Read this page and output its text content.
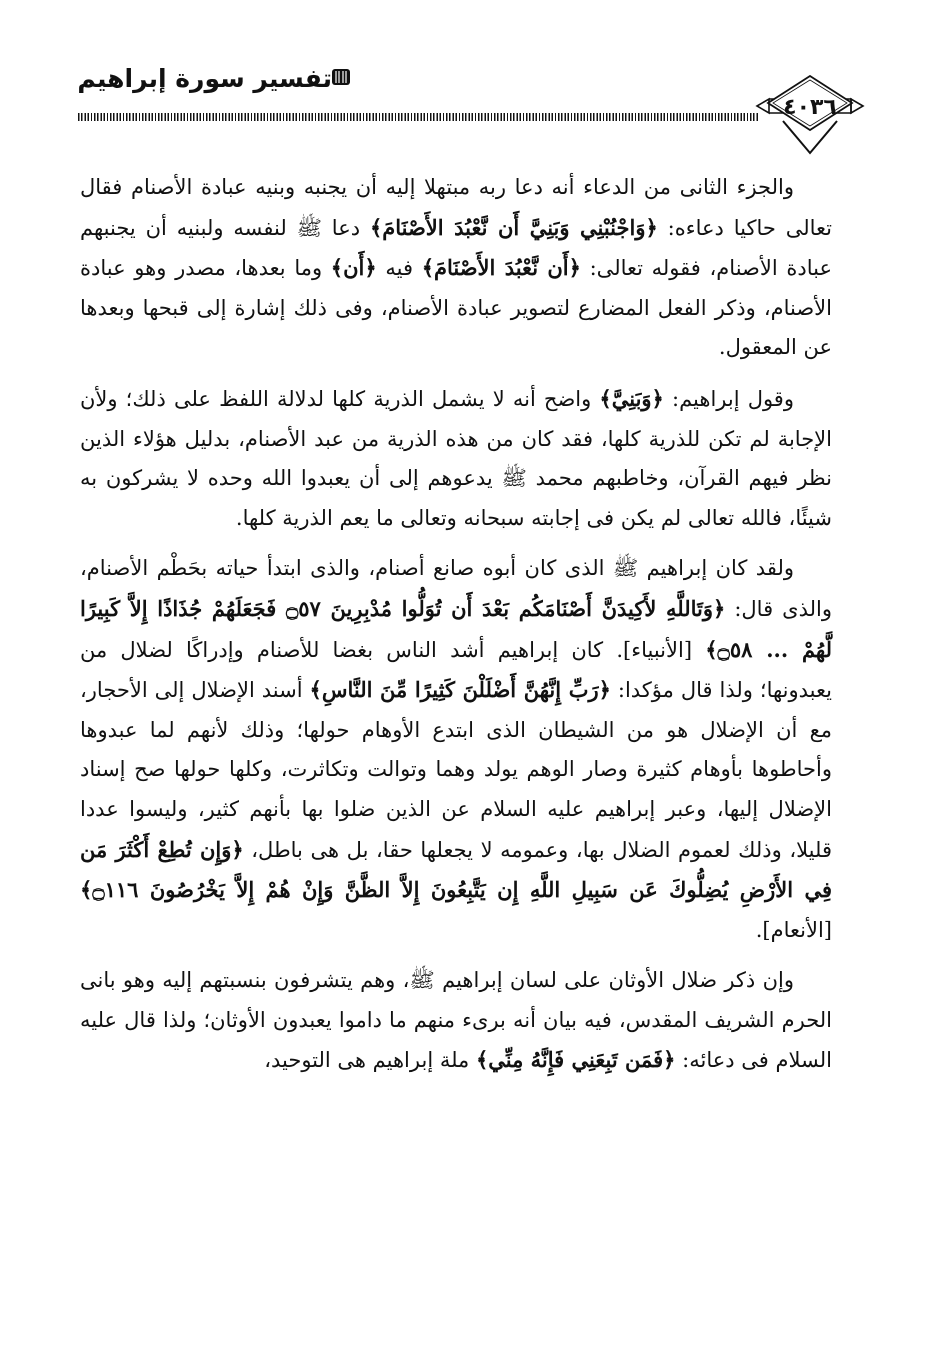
تفسير سورة إبراهيم
٤٠٣٦

والجزء الثانى من الدعاء أنه دعا ربه مبتهلا إليه أن يجنبه وبنيه عبادة الأصنام فقال تعالى حاكيا دعاءه: ﴿وَاجْنُبْنِي وَبَنِيَّ أَن نَّعْبُدَ الأَصْنَامَ﴾ دعا ﷺ لنفسه ولبنيه أن يجنبهم عبادة الأصنام، فقوله تعالى: ﴿أَن نَّعْبُدَ الأَصْنَامَ﴾ فيه ﴿أَن﴾ وما بعدها، مصدر وهو عبادة الأصنام، وذكر الفعل المضارع لتصوير عبادة الأصنام، وفى ذلك إشارة إلى قبحها وبعدها عن المعقول.

وقول إبراهيم: ﴿وَبَنِيَّ﴾ واضح أنه لا يشمل الذرية كلها لدلالة اللفظ على ذلك؛ ولأن الإجابة لم تكن للذرية كلها، فقد كان من هذه الذرية من عبد الأصنام، بدليل هؤلاء الذين نظر فيهم القرآن، وخاطبهم محمد ﷺ يدعوهم إلى أن يعبدوا الله وحده لا يشركون به شيئًا، فالله تعالى لم يكن فى إجابته سبحانه وتعالى ما يعم الذرية كلها.

ولقد كان إبراهيم ﷺ الذى كان أبوه صانع أصنام، والذى ابتدأ حياته بحَطْم الأصنام، والذى قال: ﴿وَتَاللَّهِ لأَكِيدَنَّ أَصْنَامَكُم بَعْدَ أَن تُوَلُّوا مُدْبِرِينَ ۝٥٧ فَجَعَلَهُمْ جُذَاذًا إِلاَّ كَبِيرًا لَّهُمْ ... ۝٥٨﴾ [الأنبياء]. كان إبراهيم أشد الناس بغضا للأصنام وإدراكًا لضلال من يعبدونها؛ ولذا قال مؤكدا: ﴿رَبِّ إِنَّهُنَّ أَضْلَلْنَ كَثِيرًا مِّنَ النَّاسِ﴾ أسند الإضلال إلى الأحجار، مع أن الإضلال هو من الشيطان الذى ابتدع الأوهام حولها؛ وذلك لأنهم لما عبدوها وأحاطوها بأوهام كثيرة وصار الوهم يولد وهما وتوالت وتكاثرت، وكلها حولها صح إسناد الإضلال إليها، وعبر إبراهيم عليه السلام عن الذين ضلوا بها بأنهم كثير، وليسوا عددا قليلا، وذلك لعموم الضلال بها، وعمومه لا يجعلها حقا، بل هى باطل، ﴿وَإِن تُطِعْ أَكْثَرَ مَن فِي الأَرْضِ يُضِلُّوكَ عَن سَبِيلِ اللَّهِ إِن يَتَّبِعُونَ إِلاَّ الظَّنَّ وَإِنْ هُمْ إِلاَّ يَخْرُصُونَ ۝١١٦﴾ [الأنعام].

وإن ذكر ضلال الأوثان على لسان إبراهيم ﷺ، وهم يتشرفون بنسبتهم إليه وهو بانى الحرم الشريف المقدس، فيه بيان أنه برىء منهم ما داموا يعبدون الأوثان؛ ولذا قال عليه السلام فى دعائه: ﴿فَمَن تَبِعَنِي فَإِنَّهُ مِنِّي﴾ ملة إبراهيم هى التوحيد،
